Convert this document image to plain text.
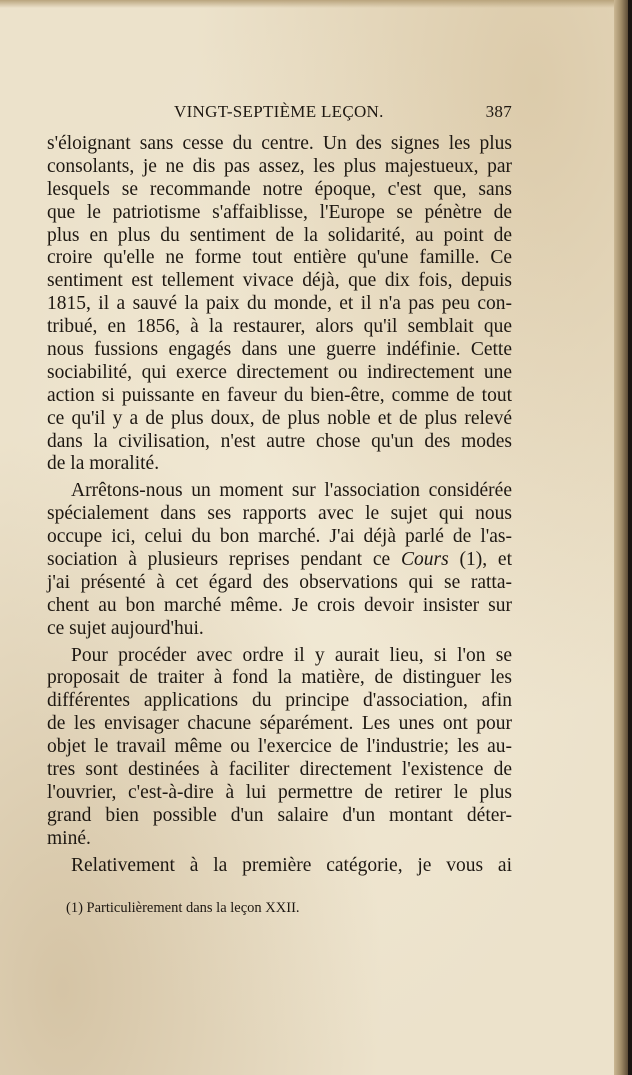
VINGT-SEPTIÈME LEÇON.	387
s'éloignant sans cesse du centre. Un des signes les plus
consolants, je ne dis pas assez, les plus majestueux, par
lesquels se recommande notre époque, c'est que, sans
que le patriotisme s'affaiblisse, l'Europe se pénètre de
plus en plus du sentiment de la solidarité, au point de
croire qu'elle ne forme tout entière qu'une famille. Ce
sentiment est tellement vivace déjà, que dix fois, depuis
1815, il a sauvé la paix du monde, et il n'a pas peu con-
tribué, en 1856, à la restaurer, alors qu'il semblait que
nous fussions engagés dans une guerre indéfinie. Cette
sociabilité, qui exerce directement ou indirectement une
action si puissante en faveur du bien-être, comme de tout
ce qu'il y a de plus doux, de plus noble et de plus relevé
dans la civilisation, n'est autre chose qu'un des modes
de la moralité.
Arrêtons-nous un moment sur l'association considérée
spécialement dans ses rapports avec le sujet qui nous
occupe ici, celui du bon marché. J'ai déjà parlé de l'as-
sociation à plusieurs reprises pendant ce Cours (1), et
j'ai présenté à cet égard des observations qui se ratta-
chent au bon marché même. Je crois devoir insister sur
ce sujet aujourd'hui.
Pour procéder avec ordre il y aurait lieu, si l'on se
proposait de traiter à fond la matière, de distinguer les
différentes applications du principe d'association, afin
de les envisager chacune séparément. Les unes ont pour
objet le travail même ou l'exercice de l'industrie; les au-
tres sont destinées à faciliter directement l'existence de
l'ouvrier, c'est-à-dire à lui permettre de retirer le plus
grand bien possible d'un salaire d'un montant déter-
miné.
Relativement à la première catégorie, je vous ai
(1) Particulièrement dans la leçon XXII.
